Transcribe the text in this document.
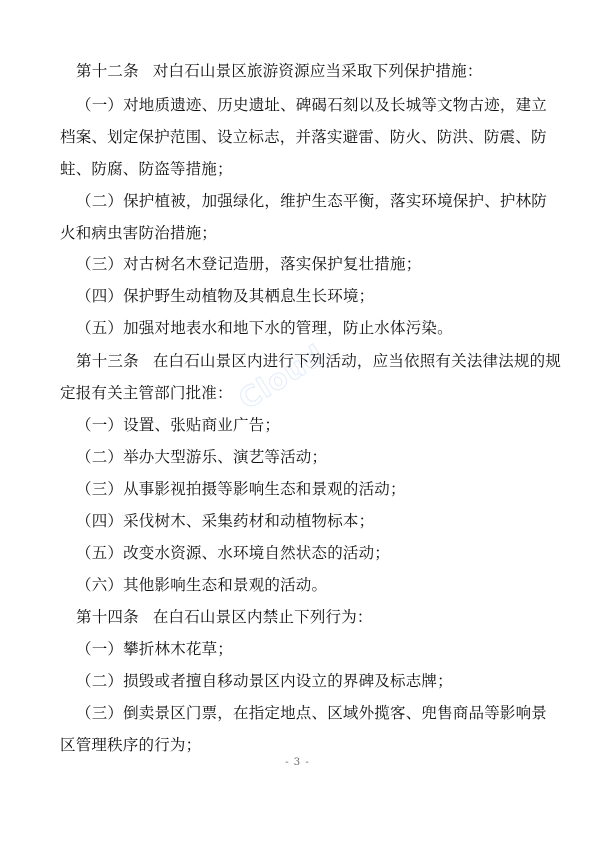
第十二条 对白石山景区旅游资源应当采取下列保护措施：

（一）对地质遗迹、历史遗址、碑碣石刻以及长城等文物古迹，建立档案、划定保护范围、设立标志，并落实避雷、防火、防洪、防震、防蛀、防腐、防盗等措施；

（二）保护植被，加强绿化，维护生态平衡，落实环境保护、护林防火和病虫害防治措施；

（三）对古树名木登记造册，落实保护复壮措施；

（四）保护野生动植物及其栖息生长环境；

（五）加强对地表水和地下水的管理，防止水体污染。

第十三条 在白石山景区内进行下列活动，应当依照有关法律法规的规定报有关主管部门批准：

（一）设置、张贴商业广告；

（二）举办大型游乐、演艺等活动；

（三）从事影视拍摄等影响生态和景观的活动；

（四）采伐树木、采集药材和动植物标本；

（五）改变水资源、水环境自然状态的活动；

（六）其他影响生态和景观的活动。

第十四条 在白石山景区内禁止下列行为：

（一）攀折林木花草；

（二）损毁或者擅自移动景区内设立的界碑及标志牌；

（三）倒卖景区门票，在指定地点、区域外揽客、兜售商品等影响景区管理秩序的行为；

Cloud
- 3 -
